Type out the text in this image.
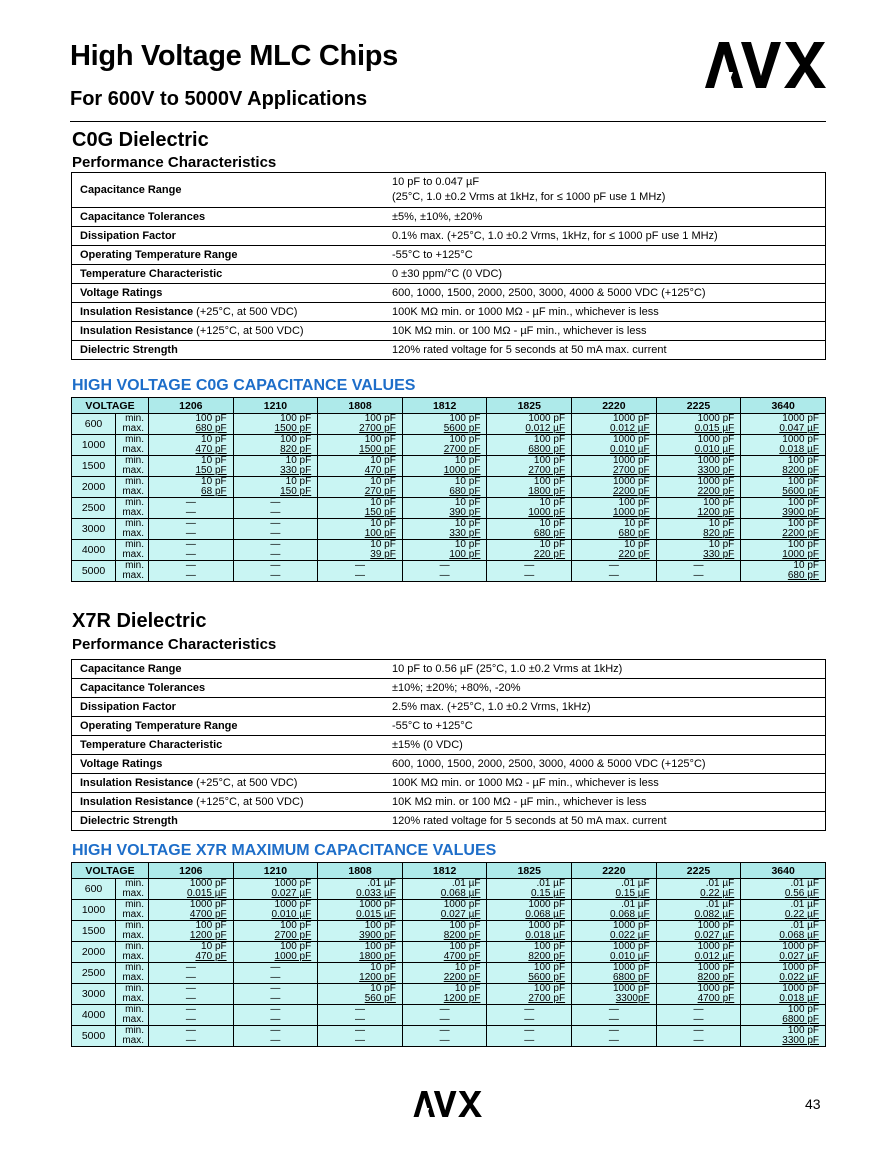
High Voltage MLC Chips
For 600V to 5000V Applications
C0G Dielectric
Performance Characteristics
Capacitance Range	10 pF to 0.047 µF
(25°C, 1.0 ±0.2 Vrms at 1kHz, for ≤ 1000 pF use 1 MHz)

Capacitance Tolerances	±5%, ±10%, ±20%

Dissipation Factor	0.1% max. (+25°C, 1.0 ±0.2 Vrms, 1kHz, for ≤ 1000 pF use 1 MHz)

Operating Temperature Range	-55°C to +125°C

Temperature Characteristic	0 ±30 ppm/°C (0 VDC)

Voltage Ratings	600, 1000, 1500, 2000, 2500, 3000, 4000 & 5000 VDC (+125°C)

Insulation Resistance (+25°C, at 500 VDC)	100K MΩ min. or 1000 MΩ - µF min., whichever is less

Insulation Resistance (+125°C, at 500 VDC)	10K MΩ min. or 100 MΩ - µF min., whichever is less

Dielectric Strength	120% rated voltage for 5 seconds at 50 mA max. current
HIGH VOLTAGE C0G CAPACITANCE VALUES
VOLTAGE		1206	1210	1808	1812	1825	2220	2225	3640
600	min.	100 pF	100 pF	100 pF	100 pF	1000 pF	1000 pF	1000 pF	1000 pF
	max.	680 pF	1500 pF	2700 pF	5600 pF	0.012 µF	0.012 µF	0.015 µF	0.047 µF
1000	min.	10 pF	100 pF	100 pF	100 pF	100 pF	1000 pF	1000 pF	1000 pF
	max.	470 pF	820 pF	1500 pF	2700 pF	6800 pF	0.010 µF	0.010 µF	0.018 µF
1500	min.	10 pF	10 pF	10 pF	10 pF	100 pF	1000 pF	1000 pF	100 pF
	max.	150 pF	330 pF	470 pF	1000 pF	2700 pF	2700 pF	3300 pF	8200 pF
2000	min.	10 pF	10 pF	10 pF	10 pF	100 pF	1000 pF	1000 pF	100 pF
	max.	68 pF	150 pF	270 pF	680 pF	1800 pF	2200 pF	2200 pF	5600 pF
2500	min.	—	—	10 pF	10 pF	10 pF	100 pF	100 pF	100 pF
	max.	—	—	150 pF	390 pF	1000 pF	1000 pF	1200 pF	3900 pF
3000	min.	—	—	10 pF	10 pF	10 pF	10 pF	10 pF	100 pF
	max.	—	—	100 pF	330 pF	680 pF	680 pF	820 pF	2200 pF
4000	min.	—	—	10 pF	10 pF	10 pF	10 pF	10 pF	100 pF
	max.	—	—	39 pF	100 pF	220 pF	220 pF	330 pF	1000 pF
5000	min.	—	—	—	—	—	—	—	10 pF
	max.	—	—	—	—	—	—	—	680 pF
X7R Dielectric
Performance Characteristics
Capacitance Range	10 pF to 0.56 µF (25°C, 1.0 ±0.2 Vrms at 1kHz)

Capacitance Tolerances	±10%; ±20%; +80%, -20%

Dissipation Factor	2.5% max. (+25°C, 1.0 ±0.2 Vrms, 1kHz)

Operating Temperature Range	-55°C to +125°C

Temperature Characteristic	±15% (0 VDC)

Voltage Ratings	600, 1000, 1500, 2000, 2500, 3000, 4000 & 5000 VDC (+125°C)

Insulation Resistance (+25°C, at 500 VDC)	100K MΩ min. or 1000 MΩ - µF min., whichever is less

Insulation Resistance (+125°C, at 500 VDC)	10K MΩ min. or 100 MΩ - µF min., whichever is less

Dielectric Strength	120% rated voltage for 5 seconds at 50 mA max. current
HIGH VOLTAGE X7R MAXIMUM CAPACITANCE VALUES
VOLTAGE		1206	1210	1808	1812	1825	2220	2225	3640
600	min.	1000 pF	1000 pF	.01 µF	.01 µF	.01 µF	.01 µF	.01 µF	.01 µF
	max.	0.015 µF	0.027 µF	0.033 µF	0.068 µF	0.15 µF	0.15 µF	0.22 µF	0.56 µF
1000	min.	1000 pF	1000 pF	1000 pF	1000 pF	1000 pF	.01 µF	.01 µF	.01 µF
	max.	4700 pF	0.010 µF	0.015 µF	0.027 µF	0.068 µF	0.068 µF	0.082 µF	0.22 µF
1500	min.	100 pF	100 pF	100 pF	100 pF	1000 pF	1000 pF	1000 pF	.01 µF
	max.	1200 pF	2700 pF	3900 pF	8200 pF	0.018 µF	0.022 µF	0.027 µF	0.068 µF
2000	min.	10 pF	100 pF	100 pF	100 pF	100 pF	1000 pF	1000 pF	1000 pF
	max.	470 pF	1000 pF	1800 pF	4700 pF	8200 pF	0.010 µF	0.012 µF	0.027 µF
2500	min.	—	—	10 pF	10 pF	100 pF	1000 pF	1000 pF	1000 pF
	max.	—	—	1200 pF	2200 pF	5600 pF	6800 pF	8200 pF	0.022 µF
3000	min.	—	—	10 pF	10 pF	100 pF	1000 pF	1000 pF	1000 pF
	max.	—	—	560 pF	1200 pF	2700 pF	3300pF	4700 pF	0.018 µF
4000	min.	—	—	—	—	—	—	—	100 pF
	max.	—	—	—	—	—	—	—	6800 pF
5000	min.	—	—	—	—	—	—	—	100 pF
	max.	—	—	—	—	—	—	—	3300 pF
43
